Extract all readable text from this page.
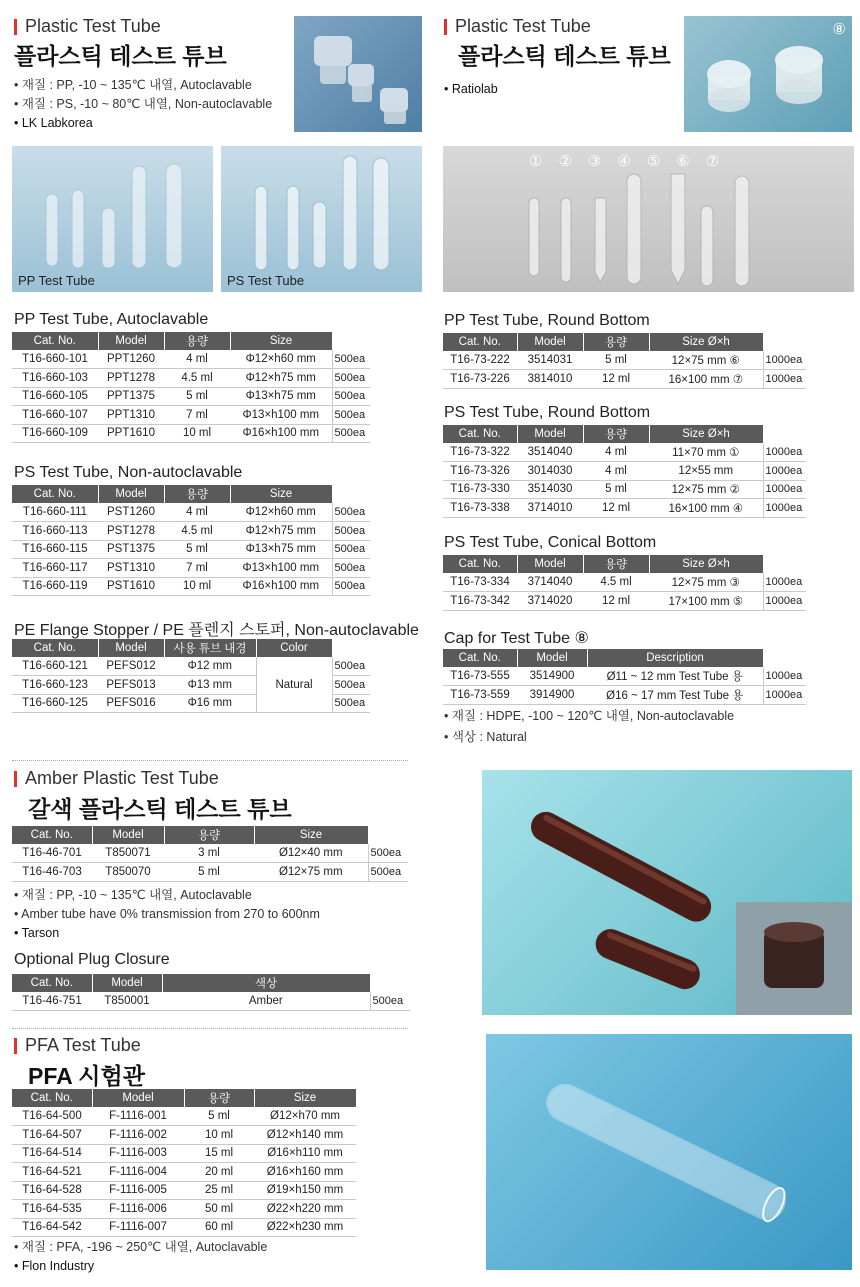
Plastic Test Tube
플라스틱 테스트 튜브
• 재질 : PP, -10 ~ 135℃ 내열, Autoclavable
• 재질 : PS, -10 ~ 80℃ 내열, Non-autoclavable
• LK Labkorea
PP Test Tube	PS Test Tube
PP Test Tube, Autoclavable
Cat. No.	Model	용량	Size	
T16-660-101	PPT1260	4 ml	Φ12×h60 mm	500ea
T16-660-103	PPT1278	4.5 ml	Φ12×h75 mm	500ea
T16-660-105	PPT1375	5 ml	Φ13×h75 mm	500ea
T16-660-107	PPT1310	7 ml	Φ13×h100 mm	500ea
T16-660-109	PPT1610	10 ml	Φ16×h100 mm	500ea
PS Test Tube, Non-autoclavable
Cat. No.	Model	용량	Size	
T16-660-111	PST1260	4 ml	Φ12×h60 mm	500ea
T16-660-113	PST1278	4.5 ml	Φ12×h75 mm	500ea
T16-660-115	PST1375	5 ml	Φ13×h75 mm	500ea
T16-660-117	PST1310	7 ml	Φ13×h100 mm	500ea
T16-660-119	PST1610	10 ml	Φ16×h100 mm	500ea
PE Flange Stopper / PE 플렌지 스토퍼, Non-autoclavable
Cat. No.	Model	사용 튜브 내경	Color	
T16-660-121	PEFS012	Φ12 mm	Natural	500ea
T16-660-123	PEFS013	Φ13 mm		500ea
T16-660-125	PEFS016	Φ16 mm		500ea
Plastic Test Tube
플라스틱 테스트 튜브
• Ratiolab
⑧
①②③④⑤⑥⑦
PP Test Tube, Round Bottom
Cat. No.	Model	용량	Size Ø×h	
T16-73-222	3514031	5 ml	12×75 mm ⑥	1000ea
T16-73-226	3814010	12 ml	16×100 mm ⑦	1000ea
PS Test Tube, Round Bottom
Cat. No.	Model	용량	Size Ø×h	
T16-73-322	3514040	4 ml	11×70 mm ①	1000ea
T16-73-326	3014030	4 ml	12×55 mm	1000ea
T16-73-330	3514030	5 ml	12×75 mm ②	1000ea
T16-73-338	3714010	12 ml	16×100 mm ④	1000ea
PS Test Tube, Conical Bottom
Cat. No.	Model	용량	Size Ø×h	
T16-73-334	3714040	4.5 ml	12×75 mm ③	1000ea
T16-73-342	3714020	12 ml	17×100 mm ⑤	1000ea
Cap for Test Tube ⑧
Cat. No.	Model	Description	
T16-73-555	3514900	Ø11 ~ 12 mm Test Tube 용	1000ea
T16-73-559	3914900	Ø16 ~ 17 mm Test Tube 용	1000ea
• 재질 : HDPE, -100 ~ 120℃ 내열, Non-autoclavable
• 색상 : Natural
Amber Plastic Test Tube
갈색 플라스틱 테스트 튜브
Cat. No.	Model	용량	Size	
T16-46-701	T850071	3 ml	Ø12×40 mm	500ea
T16-46-703	T850070	5 ml	Ø12×75 mm	500ea
• 재질 : PP, -10 ~ 135℃ 내열, Autoclavable
• Amber tube have 0% transmission from 270 to 600nm
• Tarson
Optional Plug Closure
Cat. No.	Model	색상	
T16-46-751	T850001	Amber	500ea
PFA Test Tube
PFA 시험관
Cat. No.	Model	용량	Size
T16-64-500	F-1116-001	5 ml	Ø12×h70 mm
T16-64-507	F-1116-002	10 ml	Ø12×h140 mm
T16-64-514	F-1116-003	15 ml	Ø16×h110 mm
T16-64-521	F-1116-004	20 ml	Ø16×h160 mm
T16-64-528	F-1116-005	25 ml	Ø19×h150 mm
T16-64-535	F-1116-006	50 ml	Ø22×h220 mm
T16-64-542	F-1116-007	60 ml	Ø22×h230 mm
• 재질 : PFA, -196 ~ 250℃ 내열, Autoclavable
• Flon Industry
